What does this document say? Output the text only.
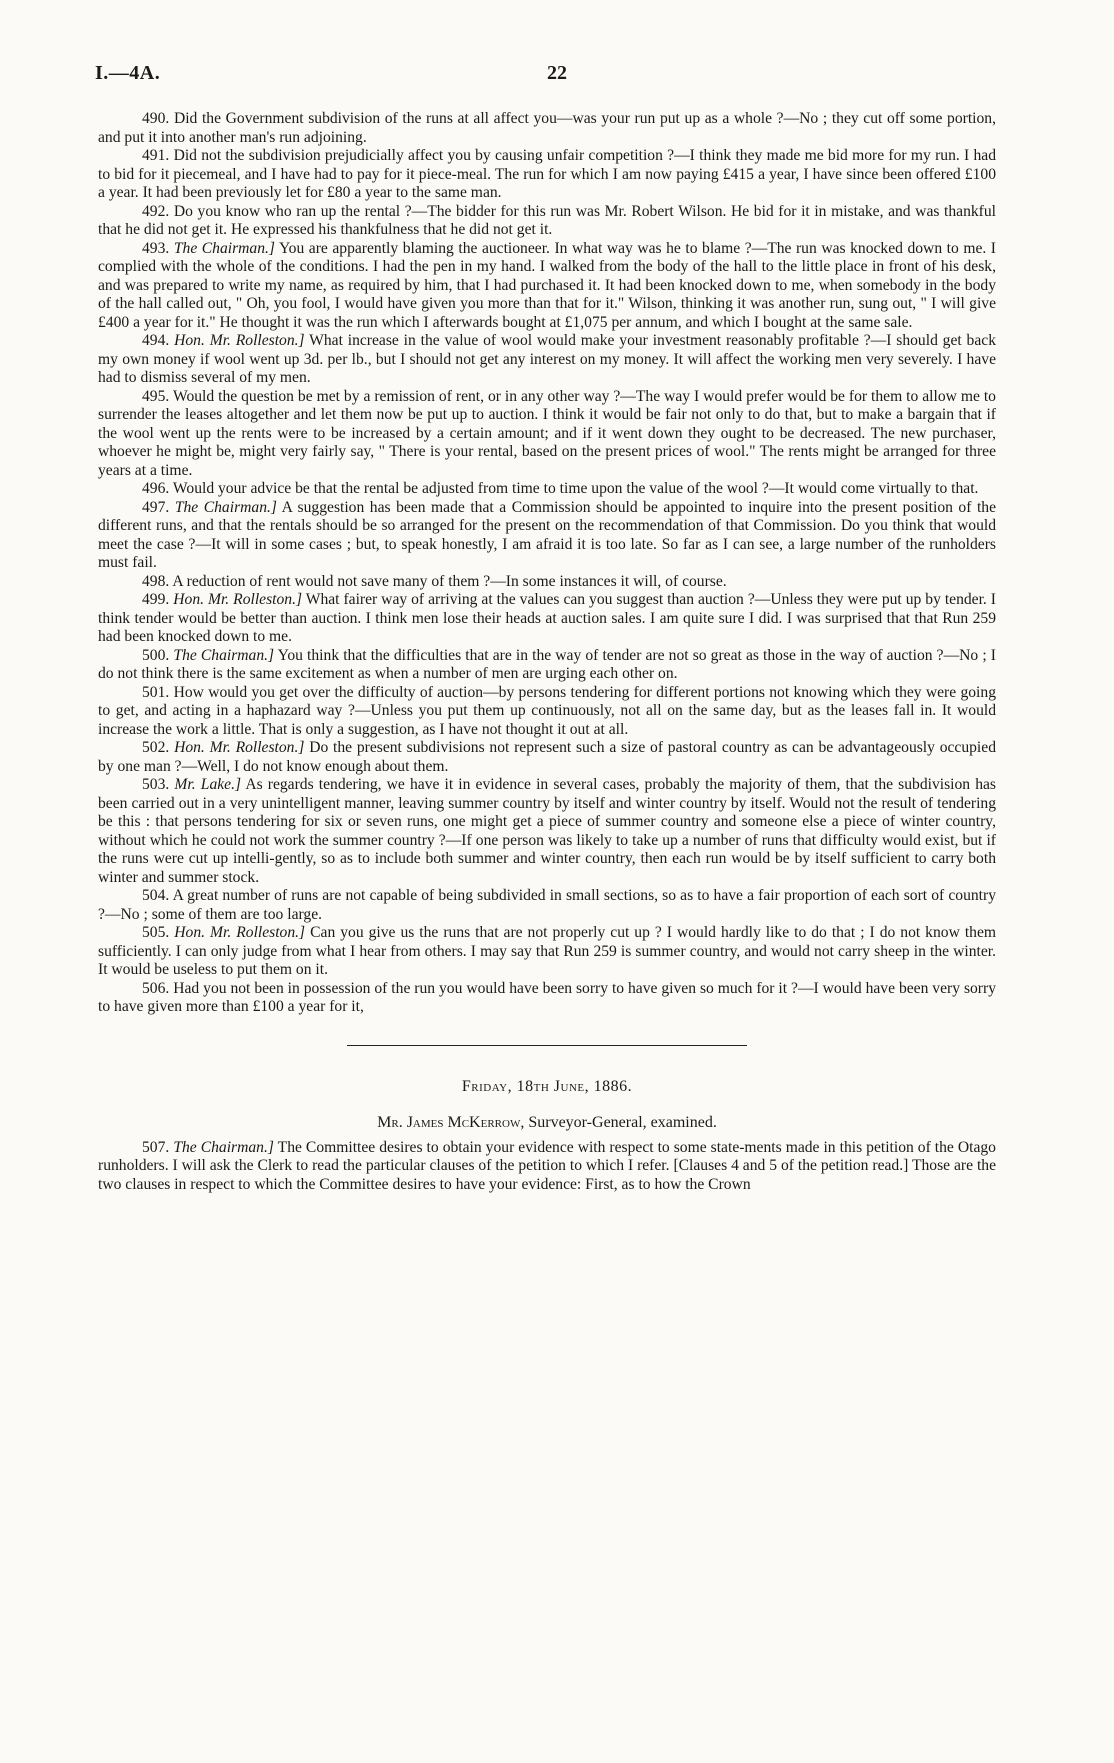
I.—4A.	22

490. Did the Government subdivision of the runs at all affect you—was your run put up as a whole ?—No ; they cut off some portion, and put it into another man's run adjoining.

491. Did not the subdivision prejudicially affect you by causing unfair competition ?—I think they made me bid more for my run. I had to bid for it piecemeal, and I have had to pay for it piece-meal. The run for which I am now paying £415 a year, I have since been offered £100 a year. It had been previously let for £80 a year to the same man.

492. Do you know who ran up the rental ?—The bidder for this run was Mr. Robert Wilson. He bid for it in mistake, and was thankful that he did not get it. He expressed his thankfulness that he did not get it.

493. The Chairman.] You are apparently blaming the auctioneer. In what way was he to blame ?—The run was knocked down to me. I complied with the whole of the conditions. I had the pen in my hand. I walked from the body of the hall to the little place in front of his desk, and was prepared to write my name, as required by him, that I had purchased it. It had been knocked down to me, when somebody in the body of the hall called out, " Oh, you fool, I would have given you more than that for it." Wilson, thinking it was another run, sung out, " I will give £400 a year for it." He thought it was the run which I afterwards bought at £1,075 per annum, and which I bought at the same sale.

494. Hon. Mr. Rolleston.] What increase in the value of wool would make your investment reasonably profitable ?—I should get back my own money if wool went up 3d. per lb., but I should not get any interest on my money. It will affect the working men very severely. I have had to dismiss several of my men.

495. Would the question be met by a remission of rent, or in any other way ?—The way I would prefer would be for them to allow me to surrender the leases altogether and let them now be put up to auction. I think it would be fair not only to do that, but to make a bargain that if the wool went up the rents were to be increased by a certain amount; and if it went down they ought to be decreased. The new purchaser, whoever he might be, might very fairly say, " There is your rental, based on the present prices of wool." The rents might be arranged for three years at a time.

496. Would your advice be that the rental be adjusted from time to time upon the value of the wool ?—It would come virtually to that.

497. The Chairman.] A suggestion has been made that a Commission should be appointed to inquire into the present position of the different runs, and that the rentals should be so arranged for the present on the recommendation of that Commission. Do you think that would meet the case ?—It will in some cases ; but, to speak honestly, I am afraid it is too late. So far as I can see, a large number of the runholders must fail.

498. A reduction of rent would not save many of them ?—In some instances it will, of course.

499. Hon. Mr. Rolleston.] What fairer way of arriving at the values can you suggest than auction ?—Unless they were put up by tender. I think tender would be better than auction. I think men lose their heads at auction sales. I am quite sure I did. I was surprised that that Run 259 had been knocked down to me.

500. The Chairman.] You think that the difficulties that are in the way of tender are not so great as those in the way of auction ?—No ; I do not think there is the same excitement as when a number of men are urging each other on.

501. How would you get over the difficulty of auction—by persons tendering for different portions not knowing which they were going to get, and acting in a haphazard way ?—Unless you put them up continuously, not all on the same day, but as the leases fall in. It would increase the work a little. That is only a suggestion, as I have not thought it out at all.

502. Hon. Mr. Rolleston.] Do the present subdivisions not represent such a size of pastoral country as can be advantageously occupied by one man ?—Well, I do not know enough about them.

503. Mr. Lake.] As regards tendering, we have it in evidence in several cases, probably the majority of them, that the subdivision has been carried out in a very unintelligent manner, leaving summer country by itself and winter country by itself. Would not the result of tendering be this : that persons tendering for six or seven runs, one might get a piece of summer country and someone else a piece of winter country, without which he could not work the summer country ?—If one person was likely to take up a number of runs that difficulty would exist, but if the runs were cut up intelli-gently, so as to include both summer and winter country, then each run would be by itself sufficient to carry both winter and summer stock.

504. A great number of runs are not capable of being subdivided in small sections, so as to have a fair proportion of each sort of country ?—No ; some of them are too large.

505. Hon. Mr. Rolleston.] Can you give us the runs that are not properly cut up ? I would hardly like to do that ; I do not know them sufficiently. I can only judge from what I hear from others. I may say that Run 259 is summer country, and would not carry sheep in the winter. It would be useless to put them on it.

506. Had you not been in possession of the run you would have been sorry to have given so much for it ?—I would have been very sorry to have given more than £100 a year for it,

Friday, 18th June, 1886.
Mr. James McKerrow, Surveyor-General, examined.

507. The Chairman.] The Committee desires to obtain your evidence with respect to some state-ments made in this petition of the Otago runholders. I will ask the Clerk to read the particular clauses of the petition to which I refer. [Clauses 4 and 5 of the petition read.] Those are the two clauses in respect to which the Committee desires to have your evidence: First, as to how the Crown
